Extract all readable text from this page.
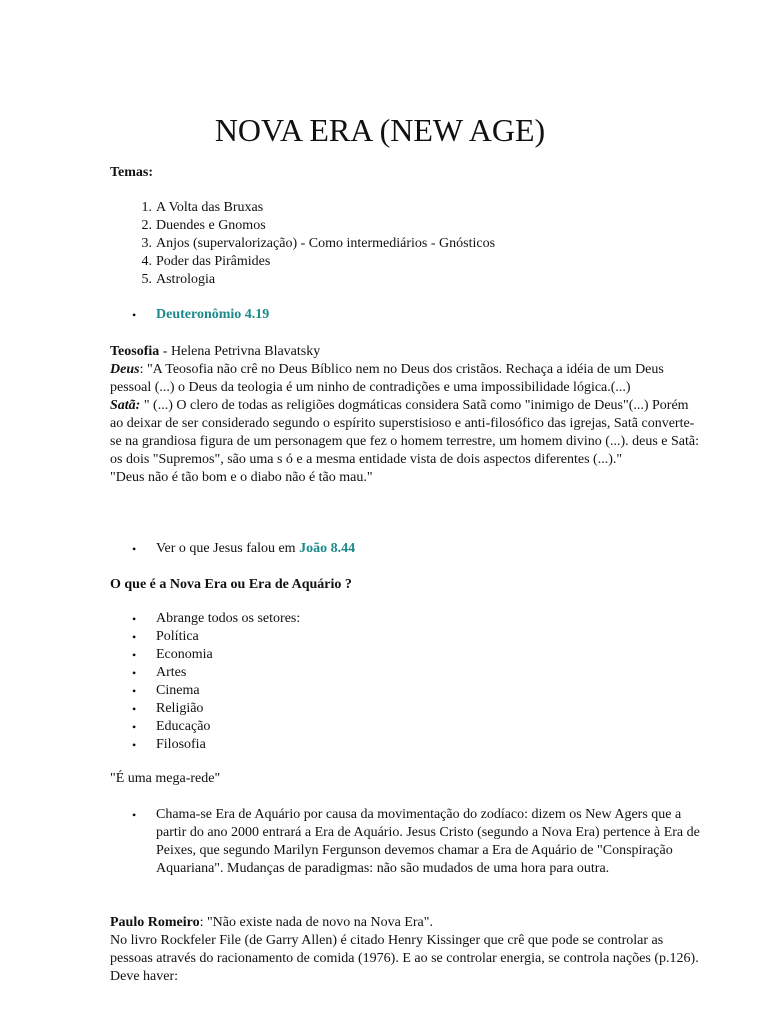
NOVA ERA (NEW AGE)

Temas:

1. A Volta das Bruxas
2. Duendes e Gnomos
3. Anjos (supervalorização) - Como intermediários - Gnósticos
4. Poder das Pirâmides
5. Astrologia
• Deuteronômio 4.19

Teosofia - Helena Petrivna Blavatsky

Deus: "A Teosofia não crê no Deus Bíblico nem no Deus dos cristãos. Rechaça a idéia de um Deus pessoal (...) o Deus da teologia é um ninho de contradições e uma impossibilidade lógica.(...)

Satã: " (...) O clero de todas as religiões dogmáticas considera Satã como "inimigo de Deus"(...) Porém ao deixar de ser considerado segundo o espírito superstisioso e anti-filosófico das igrejas, Satã converte-se na grandiosa figura de um personagem que fez o homem terrestre, um homem divino (...). deus e Satã: os dois "Supremos", são uma s ó e a mesma entidade vista de dois aspectos diferentes (...)."

"Deus não é tão bom e o diabo não é tão mau."

• Ver o que Jesus falou em João 8.44

O que é a Nova Era ou Era de Aquário ?

• Abrange todos os setores:
• Política
• Economia
• Artes
• Cinema
• Religião
• Educação
• Filosofia

"É uma mega-rede"

• Chama-se Era de Aquário por causa da movimentação do zodíaco: dizem os New Agers que a partir do ano 2000 entrará a Era de Aquário. Jesus Cristo (segundo a Nova Era) pertence à Era de Peixes, que segundo Marilyn Fergunson devemos chamar a Era de Aquário de "Conspiração Aquariana". Mudanças de paradigmas: não são mudados de uma hora para outra.

Paulo Romeiro: "Não existe nada de novo na Nova Era".

No livro Rockfeler File (de Garry Allen) é citado Henry Kissinger que crê que pode se controlar as pessoas através do racionamento de comida (1976). E ao se controlar energia, se controla nações (p.126). Deve haver:
